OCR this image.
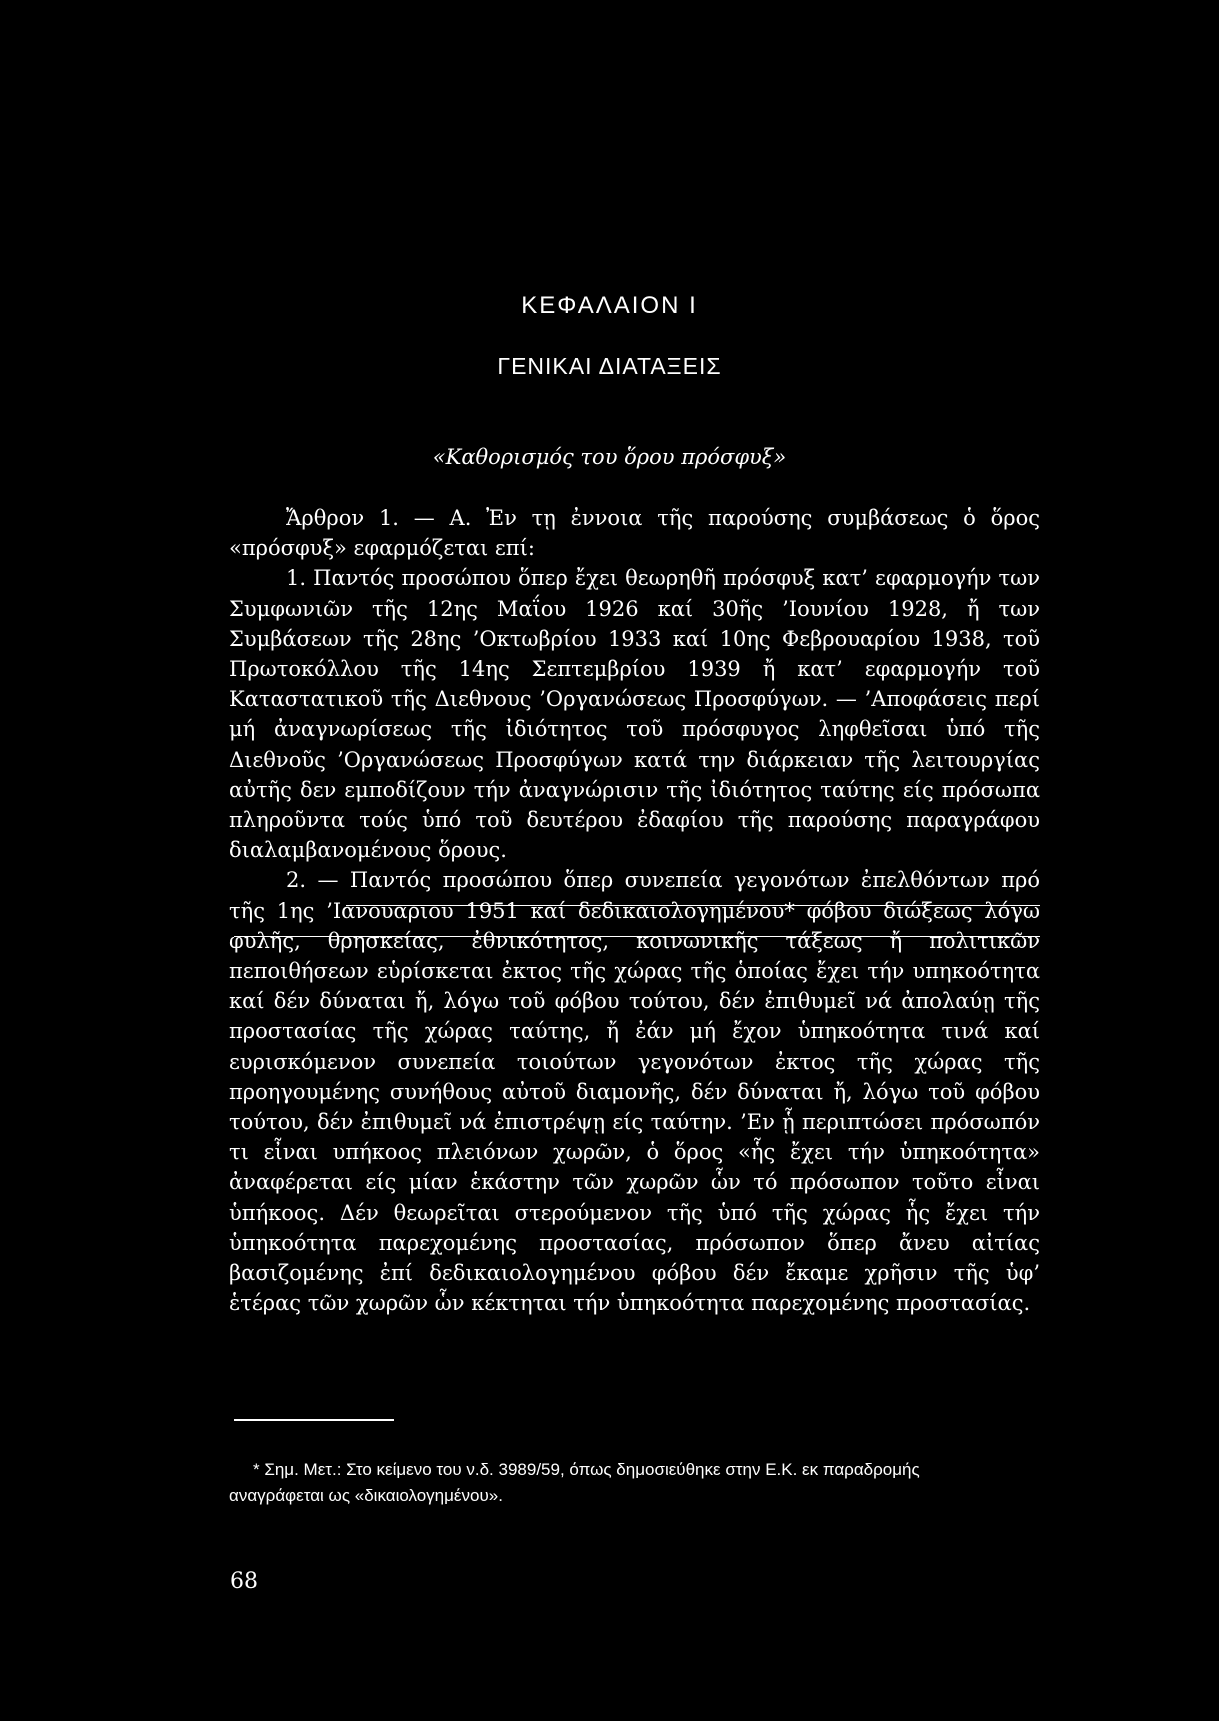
ΚΕΦΑΛΑΙΟΝ Ι
ΓΕΝΙΚΑΙ ΔΙΑΤΑΞΕΙΣ
«Καθορισμός του ὅρου πρόσφυξ»

Ἄρθρον 1. — Α. Ἐν τῃ ἐννοια τῆς παρούσης συμβάσεως ὁ ὅρος «πρόσφυξ» εφαρμόζεται επί:

1. Παντός προσώπου ὅπερ ἔχει θεωρηθῆ πρόσφυξ κατ’ εφαρμογήν των Συμφωνιῶν τῆς 12ης Μαΐου 1926 καί 30ῆς ’Ιουνίου 1928, ἤ των Συμβάσεων τῆς 28ης ’Οκτωβρίου 1933 καί 10ης Φεβρουαρίου 1938, τοῦ Πρωτοκόλλου τῆς 14ης Σεπτεμβρίου 1939 ἤ κατ’ εφαρμογήν τοῦ Καταστατικοῦ τῆς Διεθνους ’Οργανώσεως Προσφύγων. — ’Αποφάσεις περί μή ἀναγνωρίσεως τῆς ἰδιότητος τοῦ πρόσφυγος ληφθεῖσαι ὑπό τῆς Διεθνοῦς ’Οργανώσεως Προσφύγων κατά την διάρκειαν τῆς λειτουργίας αὐτῆς δεν εμποδίζουν τήν ἀναγνώρισιν τῆς ἰδιότητος ταύτης είς πρόσωπα πληροῦντα τούς ὑπό τοῦ δευτέρου ἐδαφίου τῆς παρούσης παραγράφου διαλαμβανομένους ὅρους.

2. — Παντός προσώπου ὅπερ συνεπεία γεγονότων ἐπελθόντων πρό τῆς 1ης ’Ιανουαριου 1951 καί δεδικαιολογημένου* φόβου διώξεως λόγω φυλῆς, θρησκείας, ἐθνικότητος, κοινωνικῆς τάξεως ἤ πολιτικῶν πεποιθήσεων εὑρίσκεται ἐκτος τῆς χώρας τῆς ὁποίας ἔχει τήν υπηκοότητα καί δέν δύναται ἤ, λόγω τοῦ φόβου τούτου, δέν ἐπιθυμεῖ νά ἀπολαύῃ τῆς προστασίας τῆς χώρας ταύτης, ἤ ἐάν μή ἔχον ὑπηκοότητα τινά καί ευρισκόμενον συνεπεία τοιούτων γεγονότων ἐκτος τῆς χώρας τῆς προηγουμένης συνήθους αὐτοῦ διαμονῆς, δέν δύναται ἤ, λόγω τοῦ φόβου τούτου, δέν ἐπιθυμεῖ νά ἐπιστρέψῃ είς ταύτην. ’Εν ᾗ περιπτώσει πρόσωπόν τι εἶναι υπήκοος πλειόνων χωρῶν, ὁ ὅρος «ἧς ἔχει τήν ὑπηκοότητα» ἀναφέρεται είς μίαν ἑκάστην τῶν χωρῶν ὧν τό πρόσωπον τοῦτο εἶναι ὑπήκοος. Δέν θεωρεῖται στερούμενον τῆς ὑπό τῆς χώρας ἧς ἔχει τήν ὑπηκοότητα παρεχομένης προστασίας, πρόσωπον ὅπερ ἄνευ αἰτίας βασιζομένης ἐπί δεδικαιολογημένου φόβου δέν ἔκαμε χρῆσιν τῆς ὑφ’ ἑτέρας τῶν χωρῶν ὧν κέκτηται τήν ὑπηκοότητα παρεχομένης προστασίας.

* Σημ. Μετ.: Στο κείμενο του ν.δ. 3989/59, όπως δημοσιεύθηκε στην Ε.Κ. εκ παραδρομής
αναγράφεται ως «δικαιολογημένου».
68
